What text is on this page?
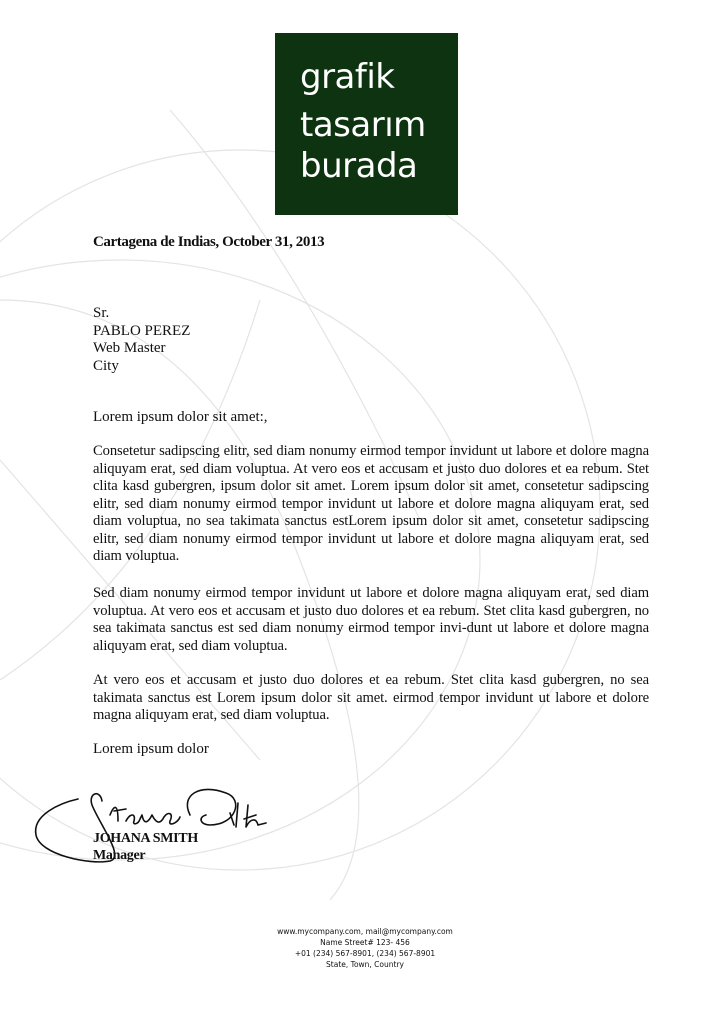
grafik
tasarım
burada
Cartagena de Indias, October 31, 2013
Sr.
PABLO PEREZ
Web Master
City
Lorem ipsum dolor sit amet:,
Consetetur sadipscing elitr, sed diam nonumy eirmod tempor invidunt ut labore et dolore magna aliquyam erat, sed diam voluptua. At vero eos et accusam et justo duo dolores et ea rebum. Stet clita kasd gubergren, ipsum dolor sit amet. Lorem ipsum dolor sit amet, consetetur sadipscing elitr, sed diam nonumy eirmod tempor invidunt ut labore et dolore magna aliquyam erat, sed diam voluptua, no sea takimata sanctus estLorem ipsum dolor sit amet, consetetur sadipscing elitr, sed diam nonumy eirmod tempor invidunt ut labore et dolore magna aliquyam erat, sed diam voluptua.
Sed diam nonumy eirmod tempor invidunt ut labore et dolore magna aliquyam erat, sed diam voluptua. At vero eos et accusam et justo duo dolores et ea rebum. Stet clita kasd gubergren, no sea takimata sanctus est sed diam nonumy eirmod tempor invi-dunt ut labore et dolore magna aliquyam erat, sed diam voluptua.
At vero eos et accusam et justo duo dolores et ea rebum. Stet clita kasd gubergren, no sea takimata sanctus est Lorem ipsum dolor sit amet. eirmod tempor invidunt ut labore et dolore magna aliquyam erat, sed diam voluptua.
Lorem ipsum dolor
JOHANA SMITH
Manager
www.mycompany.com, mail@mycompany.com
Name Street# 123- 456
+01 (234) 567-8901, (234) 567-8901
State, Town, Country
